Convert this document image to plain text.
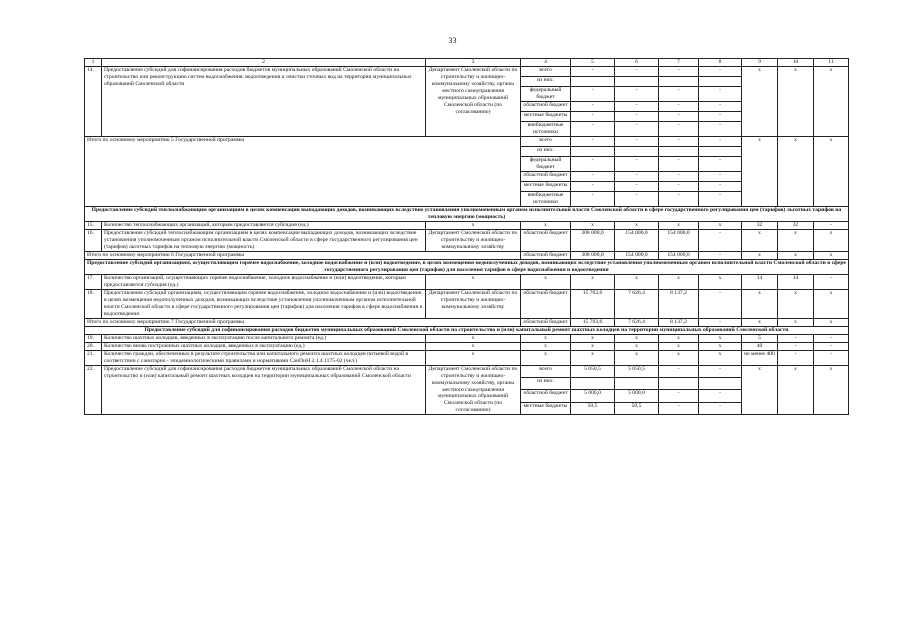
33
1	2	3	4	5	6	7	8	9	10	11
14.	Предоставление субсидий для софинансирования расходов бюджетов муниципальных образований Смоленской области на строительство или реконструкцию систем водоснабжения, водоотведения и очистки сточных вод на территории муниципальных образований Смоленской области	Департамент Смоленской области по строительству и жилищно-коммунальному хозяйству, органы местного самоуправления муниципальных образований Смоленской области (по согласованию)	всего	-	-	-	-	x	x	x
			из них:							
			федеральный бюджет	-	-	-	-			
			областной бюджет	-	-	-	-			
			местные бюджеты	-	-	-	-			
			внебюджетные источники	-	-	-	-			
Итого по основному мероприятию 5 Государственной программы			всего	-	-	-	-	x	x	x
			из них:							
			федеральный бюджет	-	-	-	-			
			областной бюджет	-	-	-	-			
			местные бюджеты	-	-	-	-			
			внебюджетные источники	-	-	-	-			
Предоставление субсидий теплоснабжающим организациям в целях компенсации выпадающих доходов, возникающих вследствие установления уполномоченным органом исполнительной власти Смоленской области в сфере государственного регулирования цен (тарифов) льготных тарифов на тепловую энергию (мощность)										
15.	Количество теплоснабжающих организаций, которым предоставляется субсидия (ед.)	x	x	x	x	x	x	32	32	-
16.	Предоставление субсидий теплоснабжающим организациям в целях компенсации выпадающих доходов, возникающих вследствие установления уполномоченным органом исполнительной власти Смоленской области в сфере государственного регулирования цен (тарифов) льготных тарифов на тепловую энергию (мощность)	Департамент Смоленской области по строительству и жилищно-коммунальному хозяйству	областной бюджет	308 000,0	154 000,0	154 000,0	-	x	x	x
Итого по основному мероприятию 6 Государственной программы			областной бюджет	308 000,0	154 000,0	154 000,0	-	x	x	x
Предоставление субсидий организациям, осуществляющим горячее водоснабжение, холодное водоснабжение и (или) водоотведение, в целях возмещения недополученных доходов, возникающих вследствие установления уполномоченным органом исполнительной власти Смоленской области в сфере государственного регулирования цен (тарифов) для населения тарифов в сфере водоснабжения и водоотведения										
17.	Количество организаций, осуществляющих горячее водоснабжение, холодное водоснабжение и (или) водоотведение, которым предоставляется субсидия (ед.)	x	x	x	x	x	x	14	14	-
18.	Предоставление субсидий организациям, осуществляющим горячее водоснабжение, холодное водоснабжение и (или) водоотведение, в целях возмещения недополученных доходов, возникающих вследствие установления уполномоченным органом исполнительной власти Смоленской области в сфере государственного регулирования цен (тарифов) для населения тарифов в сфере водоснабжения и водоотведения	Департамент Смоленской области по строительству и жилищно-коммунальному хозяйству	областной бюджет	15 763,6	7 626,4	8 137,2	-	x	x	x
Итого по основному мероприятию 7 Государственной программы			областной бюджет	15 763,6	7 626,4	8 137,2	-	x	x	x
Предоставление субсидий для софинансирования расходов бюджетов муниципальных образований Смоленской области на строительство и (или) капитальный ремонт шахтных колодцев на территории муниципальных образований Смоленской области										
19.	Количество шахтных колодцев, введенных в эксплуатацию после капитального ремонта (ед.)	x	x	x	x	x	x	5	-	-
20.	Количество вновь построенных шахтных колодцев, введенных в эксплуатацию (ед.)	x	x	x	x	x	x	40	-	-
21.	Количество граждан, обеспеченных в результате строительства или капитального ремонта шахтных колодцев питьевой водой в соответствии с санитарно - эпидемиологическими правилами и нормативами СанПиН 2.1.4.1175-02 (чел.)	x	x	x	x	x	x	не менее 400	-	-
22.	Предоставление субсидий для софинансирования расходов бюджетов муниципальных образований Смоленской области на строительство и (или) капитальный ремонт шахтных колодцев на территории муниципальных образований Смоленской области	Департамент Смоленской области по строительству и жилищно-коммунальному хозяйству, органы местного самоуправления муниципальных образований Смоленской области (по согласованию)	всего	5 050,5	5 050,5	-	-	x	x	x
			из них:							
			областной бюджет	5 000,0	5 000,0	-	-			
			местные бюджеты	50,5	50,5	-	-			
